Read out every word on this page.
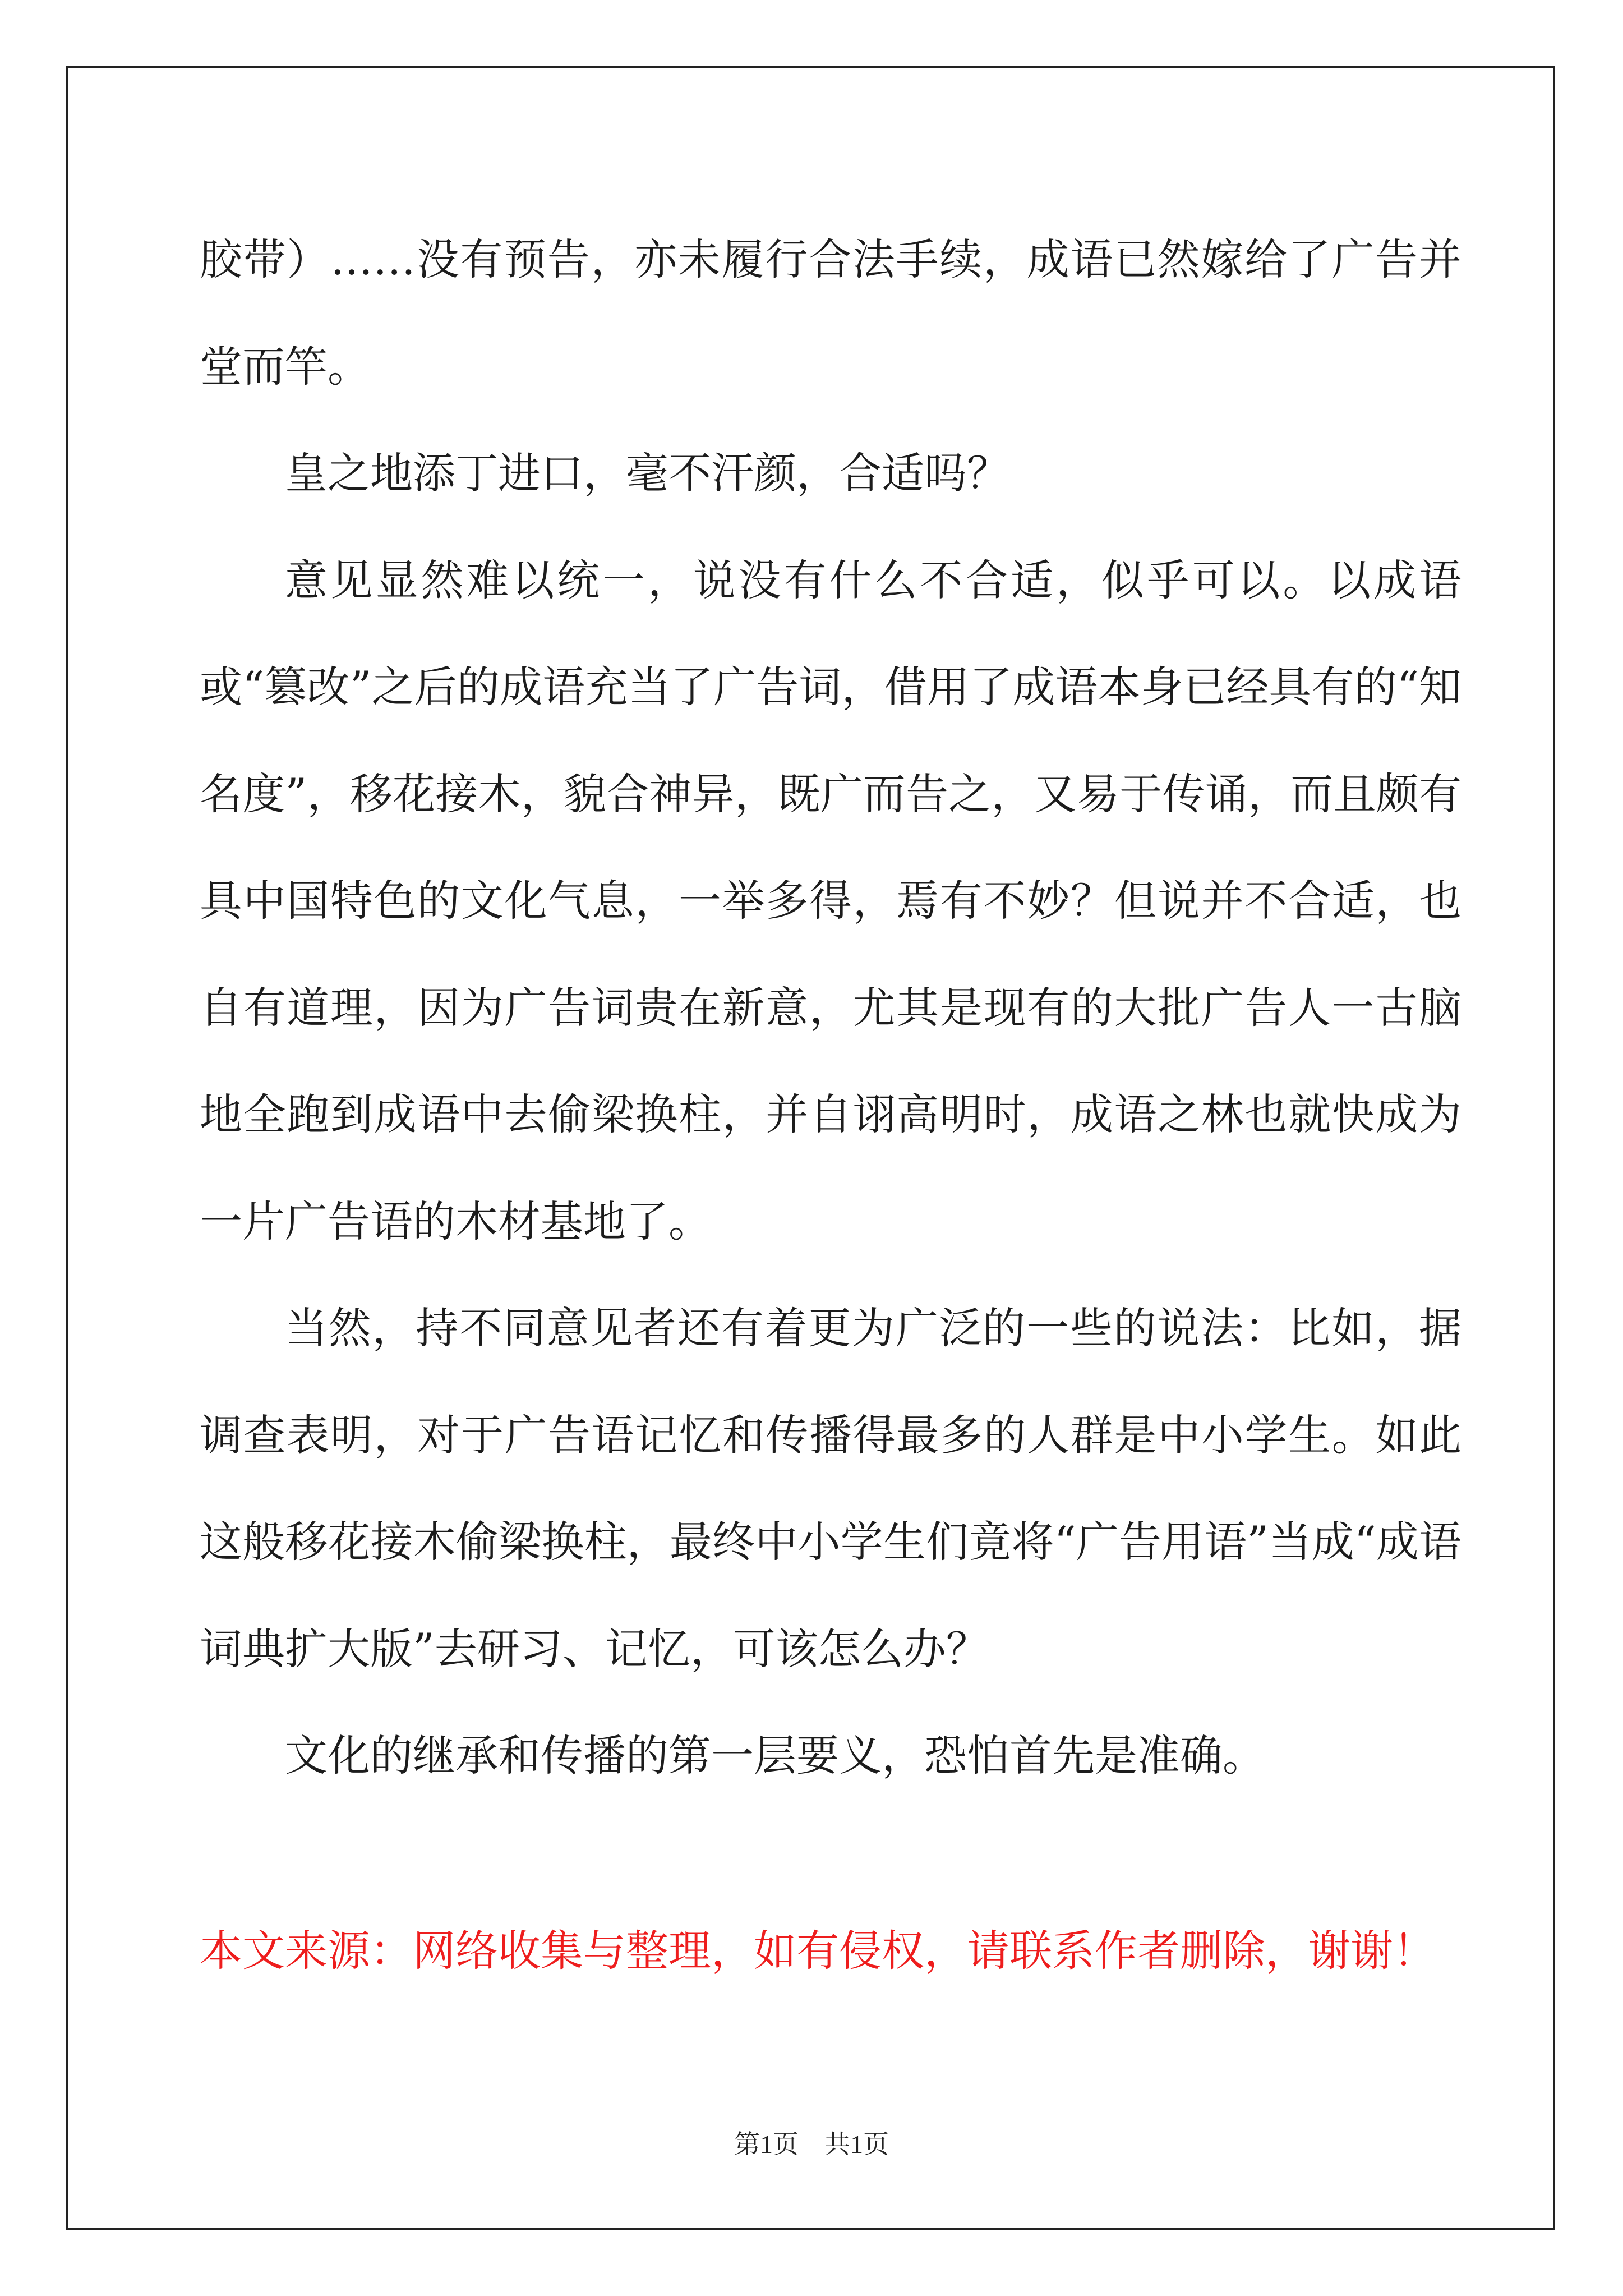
胶带）……没有预告，亦未履行合法手续，成语已然嫁给了广告并堂而竿。

皇之地添丁进口，毫不汗颜，合适吗？

意见显然难以统一，说没有什么不合适，似乎可以。以成语或“篡改”之后的成语充当了广告词，借用了成语本身已经具有的“知名度”，移花接木，貌合神异，既广而告之，又易于传诵，而且颇有具中国特色的文化气息，一举多得，焉有不妙？但说并不合适，也自有道理，因为广告词贵在新意，尤其是现有的大批广告人一古脑地全跑到成语中去偷梁换柱，并自诩高明时，成语之林也就快成为一片广告语的木材基地了。

当然，持不同意见者还有着更为广泛的一些的说法：比如，据调查表明，对于广告语记忆和传播得最多的人群是中小学生。如此这般移花接木偷梁换柱，最终中小学生们竟将“广告用语”当成“成语词典扩大版”去研习、记忆，可该怎么办？

文化的继承和传播的第一层要义，恐怕首先是准确。

本文来源：网络收集与整理，如有侵权，请联系作者删除，谢谢！
第1页    共1页
